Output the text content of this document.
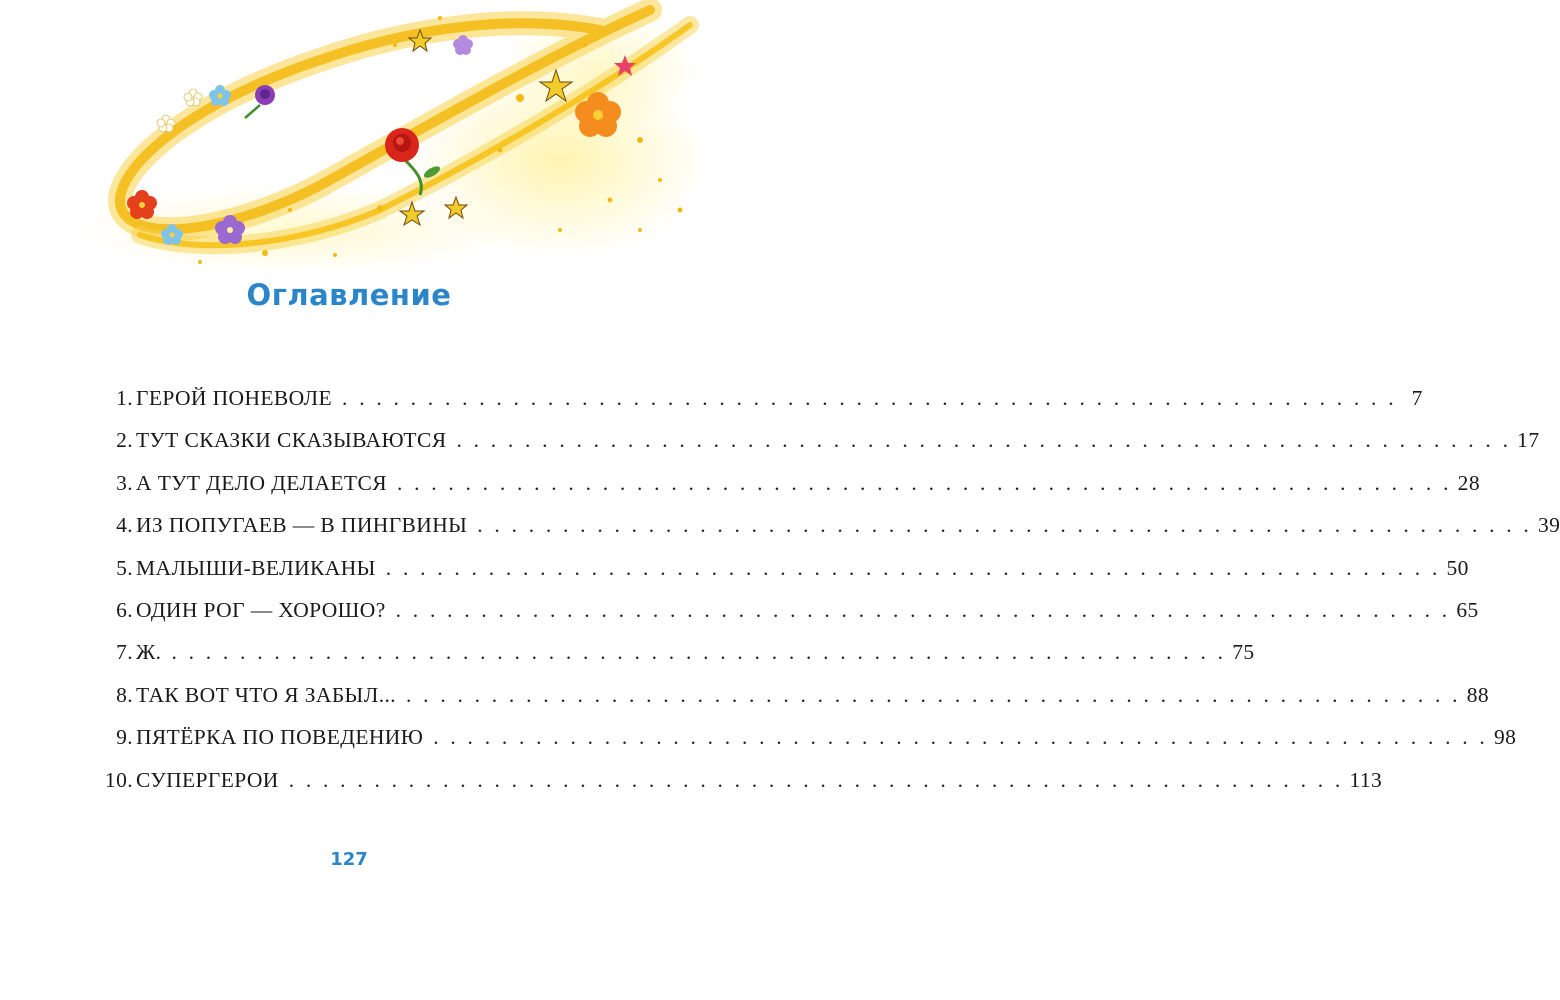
Оглавление
1. ГЕРОЙ ПОНЕВОЛЕ . . . . . . . . . . . . . . . . . . . . . . . . . . . . . . . . . . . . . . . . . . . . . . . . . . . . . . . . . . . . . . 7
2. ТУТ СКАЗКИ СКАЗЫВАЮТСЯ . . . . . . . . . . . . . . . . . . . . . . . . . . . . . . . . . . . . . . . . . . . . . . . . . . . . . . . . . . . . . . 17
3. А ТУТ ДЕЛО ДЕЛАЕТСЯ . . . . . . . . . . . . . . . . . . . . . . . . . . . . . . . . . . . . . . . . . . . . . . . . . . . . . . . . . . . . . . 28
4. ИЗ ПОПУГАЕВ — В ПИНГВИНЫ . . . . . . . . . . . . . . . . . . . . . . . . . . . . . . . . . . . . . . . . . . . . . . . . . . . . . . . . . . . . . . 39
5. МАЛЫШИ-ВЕЛИКАНЫ . . . . . . . . . . . . . . . . . . . . . . . . . . . . . . . . . . . . . . . . . . . . . . . . . . . . . . . . . . . . . . 50
6. ОДИН РОГ — ХОРОШО? . . . . . . . . . . . . . . . . . . . . . . . . . . . . . . . . . . . . . . . . . . . . . . . . . . . . . . . . . . . . . . 65
7. Ж. . . . . . . . . . . . . . . . . . . . . . . . . . . . . . . . . . . . . . . . . . . . . . . . . . . . . . . . . . . . . . . 75
8. ТАК ВОТ ЧТО Я ЗАБЫЛ... . . . . . . . . . . . . . . . . . . . . . . . . . . . . . . . . . . . . . . . . . . . . . . . . . . . . . . . . . . . . . . 88
9. ПЯТЁРКА ПО ПОВЕДЕНИЮ . . . . . . . . . . . . . . . . . . . . . . . . . . . . . . . . . . . . . . . . . . . . . . . . . . . . . . . . . . . . . . 98
10. СУПЕРГЕРОИ . . . . . . . . . . . . . . . . . . . . . . . . . . . . . . . . . . . . . . . . . . . . . . . . . . . . . . . . . . . . . . 113
127
